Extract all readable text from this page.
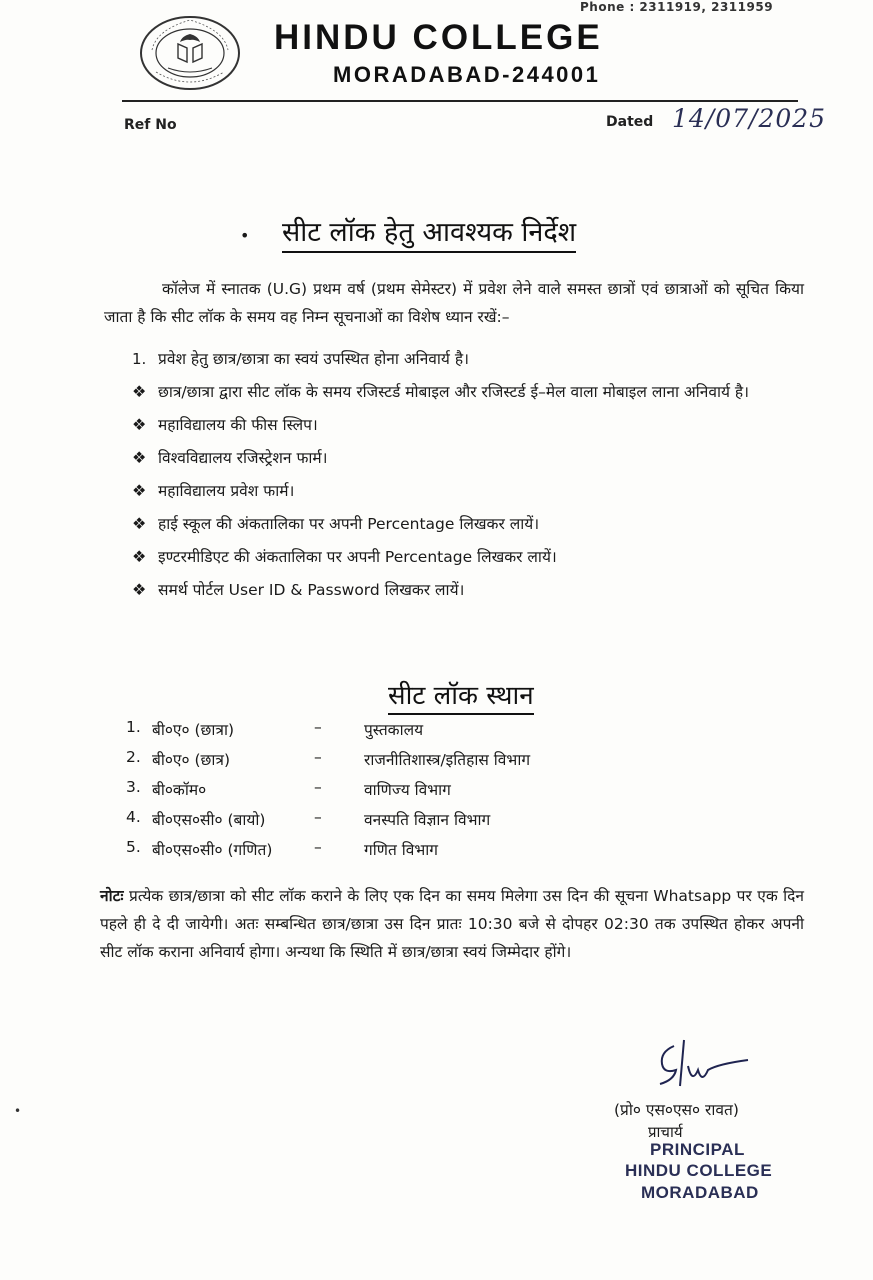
Phone : 2311919, 2311959
HINDU COLLEGE
MORADABAD-244001
Ref No	Dated 14/07/2025
• सीट लॉक हेतु आवश्यक निर्देश
कॉलेज में स्नातक (U.G) प्रथम वर्ष (प्रथम सेमेस्टर) में प्रवेश लेने वाले समस्त छात्रों एवं छात्राओं को सूचित किया जाता है कि सीट लॉक के समय वह निम्न सूचनाओं का विशेष ध्यान रखें:–
1. प्रवेश हेतु छात्र/छात्रा का स्वयं उपस्थित होना अनिवार्य है।
❖ छात्र/छात्रा द्वारा सीट लॉक के समय रजिस्टर्ड मोबाइल और रजिस्टर्ड ई–मेल वाला मोबाइल लाना अनिवार्य है।
❖ महाविद्यालय की फीस स्लिप।
❖ विश्वविद्यालय रजिस्ट्रेशन फार्म।
❖ महाविद्यालय प्रवेश फार्म।
❖ हाई स्कूल की अंकतालिका पर अपनी Percentage लिखकर लायें।
❖ इण्टरमीडिएट की अंकतालिका पर अपनी Percentage लिखकर लायें।
❖ समर्थ पोर्टल User ID & Password लिखकर लायें।
सीट लॉक स्थान
1. बी०ए० (छात्रा)	–	पुस्तकालय
2. बी०ए० (छात्र)	–	राजनीतिशास्त्र/इतिहास विभाग
3. बी०कॉम०	–	वाणिज्य विभाग
4. बी०एस०सी० (बायो)	–	वनस्पति विज्ञान विभाग
5. बी०एस०सी० (गणित)	–	गणित विभाग
नोटः प्रत्येक छात्र/छात्रा को सीट लॉक कराने के लिए एक दिन का समय मिलेगा उस दिन की सूचना Whatsapp पर एक दिन पहले ही दे दी जायेगी। अतः सम्बन्धित छात्र/छात्रा उस दिन प्रातः 10:30 बजे से दोपहर 02:30 तक उपस्थित होकर अपनी सीट लॉक कराना अनिवार्य होगा। अन्यथा कि स्थिति में छात्र/छात्रा स्वयं जिम्मेदार होंगे।
•	(प्रो० एस०एस० रावत)
प्राचार्य
PRINCIPAL
HINDU COLLEGE
MORADABAD
